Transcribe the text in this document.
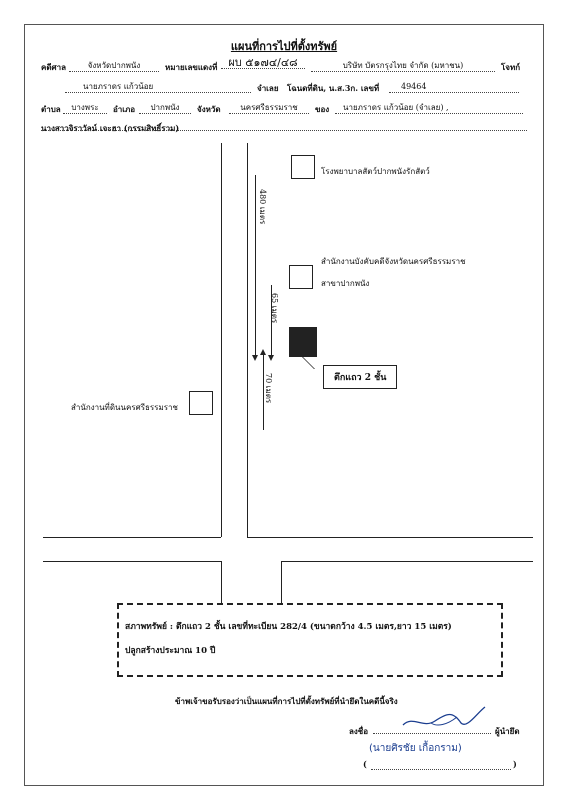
แผนที่การไปที่ตั้งทรัพย์
คดีศาล	จังหวัดปากพนัง	หมายเลขแดงที่ ผบ ๕๑๗๔/๔๘	บริษัท บัตรกรุงไทย จำกัด (มหาชน)	โจทก์
นายภราดร แก้วน้อย	จำเลย โฉนดที่ดิน, น.ส.3ก. เลขที่	49464
ตำบล	บางพระ	อำเภอ	ปากพนัง	จังหวัด	นครศรีธรรมราช	ของ	นายภราดร แก้วน้อย (จำเลย) ,
นางสาวจิราวัลน์ เจะฮา (กรรมสิทธิ์รวม)
480 เมตร
65 เมตร
70 เมตร
โรงพยาบาลสัตว์ปากพนังรักสัตว์
สำนักงานบังคับคดีจังหวัดนครศรีธรรมราช
สาขาปากพนัง
ตึกแถว 2 ชั้น
สำนักงานที่ดินนครศรีธรรมราช
สภาพทรัพย์ : ตึกแถว 2 ชั้น เลขที่ทะเบียน 282/4 (ขนาดกว้าง 4.5 เมตร,ยาว 15 เมตร)
ปลูกสร้างประมาณ 10 ปี
ข้าพเจ้าขอรับรองว่าเป็นแผนที่การไปที่ตั้งทรัพย์ที่นำยึดในคดีนี้จริง
ลงชื่อ	ผู้นำยึด
(นายศิรชัย เกื้อกราม)
(	)
